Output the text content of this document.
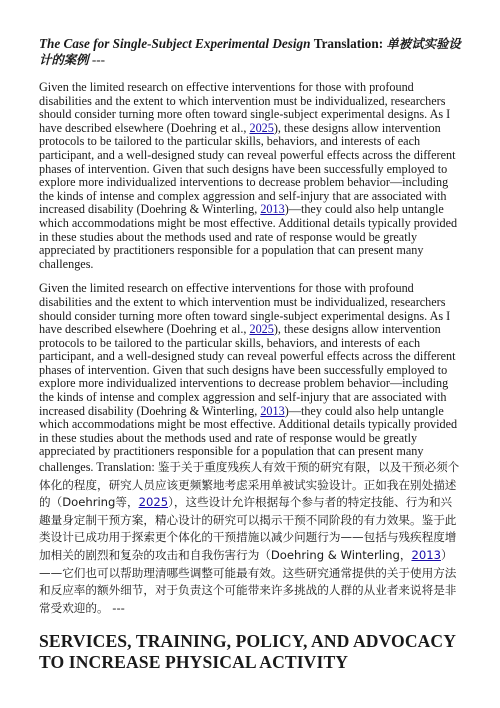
The Case for Single-Subject Experimental Design Translation: 单被试实验设计的案例 ---

Given the limited research on effective interventions for those with profound disabilities and the extent to which intervention must be individualized, researchers should consider turning more often toward single-subject experimental designs. As I have described elsewhere (Doehring et al., 2025), these designs allow intervention protocols to be tailored to the particular skills, behaviors, and interests of each participant, and a well-designed study can reveal powerful effects across the different phases of intervention. Given that such designs have been successfully employed to explore more individualized interventions to decrease problem behavior—including the kinds of intense and complex aggression and self-injury that are associated with increased disability (Doehring & Winterling, 2013)—they could also help untangle which accommodations might be most effective. Additional details typically provided in these studies about the methods used and rate of response would be greatly appreciated by practitioners responsible for a population that can present many challenges.

Given the limited research on effective interventions for those with profound disabilities and the extent to which intervention must be individualized, researchers should consider turning more often toward single-subject experimental designs. As I have described elsewhere (Doehring et al., 2025), these designs allow intervention protocols to be tailored to the particular skills, behaviors, and interests of each participant, and a well-designed study can reveal powerful effects across the different phases of intervention. Given that such designs have been successfully employed to explore more individualized interventions to decrease problem behavior—including the kinds of intense and complex aggression and self-injury that are associated with increased disability (Doehring & Winterling, 2013)—they could also help untangle which accommodations might be most effective. Additional details typically provided in these studies about the methods used and rate of response would be greatly appreciated by practitioners responsible for a population that can present many challenges. Translation: 鉴于关于重度残疾人有效干预的研究有限，以及干预必须个体化的程度，研究人员应该更频繁地考虑采用单被试实验设计。正如我在别处描述的（Doehring等，2025），这些设计允许根据每个参与者的特定技能、行为和兴趣量身定制干预方案，精心设计的研究可以揭示干预不同阶段的有力效果。鉴于此类设计已成功用于探索更个体化的干预措施以减少问题行为——包括与残疾程度增加相关的剧烈和复杂的攻击和自我伤害行为（Doehring & Winterling，2013）——它们也可以帮助理清哪些调整可能最有效。这些研究通常提供的关于使用方法和反应率的额外细节，对于负责这个可能带来许多挑战的人群的从业者来说将是非常受欢迎的。 ---

SERVICES, TRAINING, POLICY, AND ADVOCACY TO INCREASE PHYSICAL ACTIVITY
